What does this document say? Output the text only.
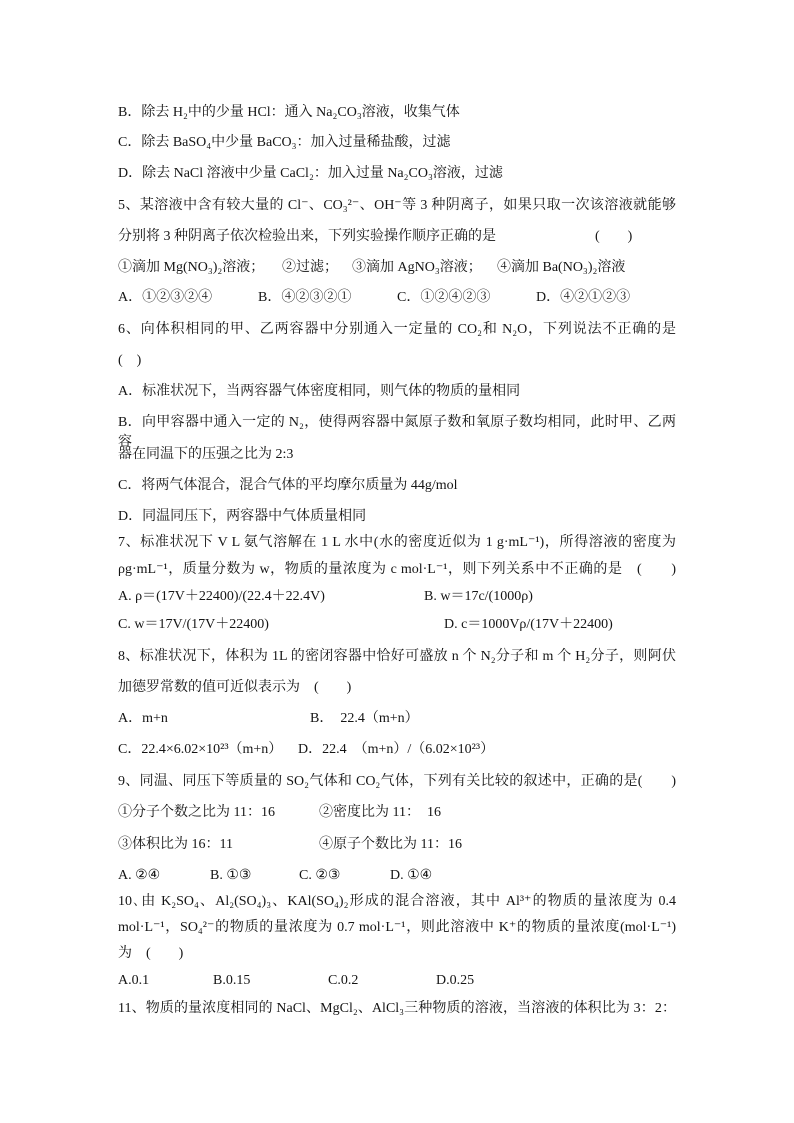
B．除去 H₂中的少量 HCl：通入 Na₂CO₃溶液，收集气体
C．除去 BaSO₄中少量 BaCO₃：加入过量稀盐酸，过滤
D．除去 NaCl 溶液中少量 CaCl₂：加入过量 Na₂CO₃溶液，过滤
5、某溶液中含有较大量的 Cl⁻、CO₃²⁻、OH⁻等 3 种阴离子，如果只取一次该溶液就能够
分别将 3 种阴离子依次检验出来，下列实验操作顺序正确的是	(　　)
①滴加 Mg(NO₃)₂溶液； ②过滤； ③滴加 AgNO₃溶液； ④滴加 Ba(NO₃)₂溶液
A．①②③②④	B．④②③②①	C．①②④②③	D．④②①②③
6、向体积相同的甲、乙两容器中分别通入一定量的 CO₂和 N₂O，下列说法不正确的是
(　)
A．标准状况下，当两容器气体密度相同，则气体的物质的量相同
B．向甲容器中通入一定的 N₂，使得两容器中氮原子数和氧原子数均相同，此时甲、乙两容
器在同温下的压强之比为 2:3
C．将两气体混合，混合气体的平均摩尔质量为 44g/mol
D．同温同压下，两容器中气体质量相同
7、标准状况下 V L 氨气溶解在 1 L 水中(水的密度近似为 1 g·mL⁻¹)，所得溶液的密度为
ρg·mL⁻¹，质量分数为 w，物质的量浓度为 c mol·L⁻¹，则下列关系中不正确的是　(　　)
A. ρ＝(17V＋22400)/(22.4＋22.4V)	B. w＝17c/(1000ρ)
C. w＝17V/(17V＋22400)	D. c＝1000Vρ/(17V＋22400)
8、标准状况下，体积为 1L 的密闭容器中恰好可盛放 n 个 N₂分子和 m 个 H₂分子，则阿伏
加德罗常数的值可近似表示为　(　　)
A．m+n	B．　22.4（m+n）
C．22.4×6.02×10²³（m+n） D．22.4　（m+n）/（6.02×10²³）
9、同温、同压下等质量的 SO₂气体和 CO₂气体，下列有关比较的叙述中，正确的是(　　)
①分子个数之比为 11：16	②密度比为 11：　16
③体积比为 16：11	④原子个数比为 11：16
A. ②④	B. ①③	C. ②③	D. ①④
10､由 K₂SO₄、Al₂(SO₄)₃、KAl(SO₄)₂形成的混合溶液，其中 Al³⁺的物质的量浓度为 0.4
mol·L⁻¹，SO₄²⁻的物质的量浓度为 0.7 mol·L⁻¹，则此溶液中 K⁺的物质的量浓度(mol·L⁻¹)
为　(　　)
A.0.1	B.0.15	C.0.2	D.0.25
11、物质的量浓度相同的 NaCl、MgCl₂、AlCl₃三种物质的溶液，当溶液的体积比为 3：2：
